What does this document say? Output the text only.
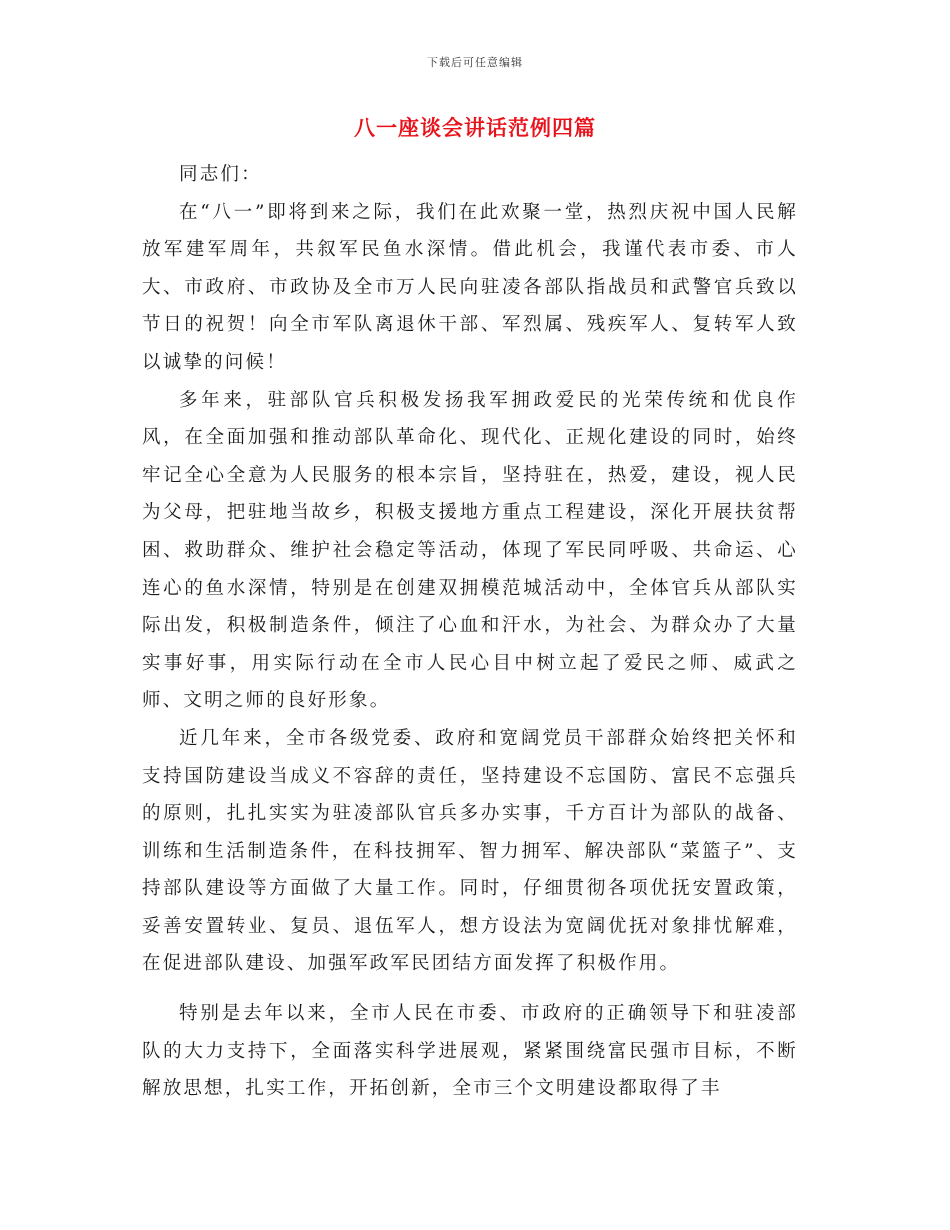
下载后可任意编辑
八一座谈会讲话范例四篇

同志们：

在“八一”即将到来之际，我们在此欢聚一堂，热烈庆祝中国人民解放军建军周年，共叙军民鱼水深情。借此机会，我谨代表市委、市人大、市政府、市政协及全市万人民向驻凌各部队指战员和武警官兵致以节日的祝贺！向全市军队离退休干部、军烈属、残疾军人、复转军人致以诚挚的问候！

多年来，驻部队官兵积极发扬我军拥政爱民的光荣传统和优良作风，在全面加强和推动部队革命化、现代化、正规化建设的同时，始终牢记全心全意为人民服务的根本宗旨，坚持驻在，热爱，建设，视人民为父母，把驻地当故乡，积极支援地方重点工程建设，深化开展扶贫帮困、救助群众、维护社会稳定等活动，体现了军民同呼吸、共命运、心连心的鱼水深情，特别是在创建双拥模范城活动中，全体官兵从部队实际出发，积极制造条件，倾注了心血和汗水，为社会、为群众办了大量实事好事，用实际行动在全市人民心目中树立起了爱民之师、威武之师、文明之师的良好形象。

近几年来，全市各级党委、政府和宽阔党员干部群众始终把关怀和支持国防建设当成义不容辞的责任，坚持建设不忘国防、富民不忘强兵的原则，扎扎实实为驻凌部队官兵多办实事，千方百计为部队的战备、训练和生活制造条件，在科技拥军、智力拥军、解决部队“菜篮子”、支持部队建设等方面做了大量工作。同时，仔细贯彻各项优抚安置政策，妥善安置转业、复员、退伍军人，想方设法为宽阔优抚对象排忧解难，在促进部队建设、加强军政军民团结方面发挥了积极作用。

特别是去年以来，全市人民在市委、市政府的正确领导下和驻凌部队的大力支持下，全面落实科学进展观，紧紧围绕富民强市目标，不断解放思想，扎实工作，开拓创新，全市三个文明建设都取得了丰
